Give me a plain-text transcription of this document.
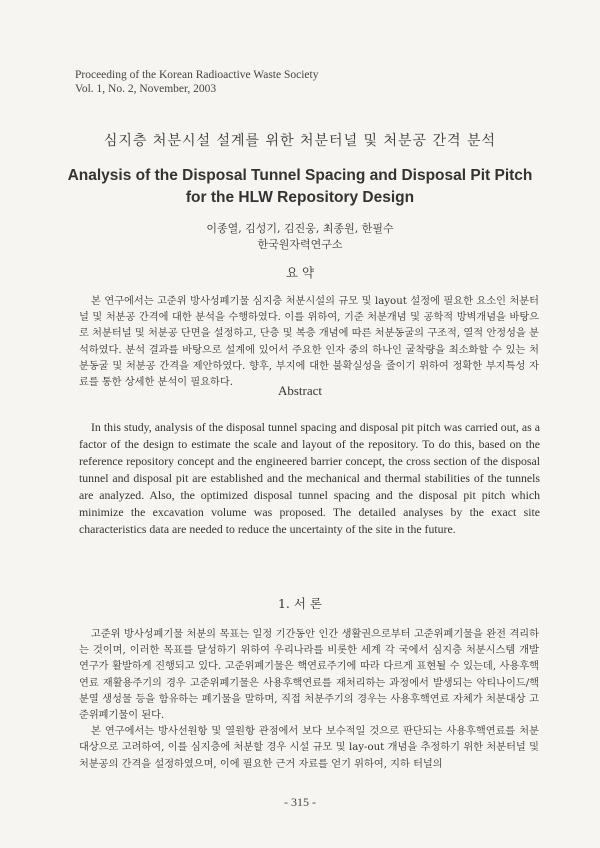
Proceeding of the Korean Radioactive Waste Society
Vol. 1, No. 2, November, 2003
심지층 처분시설 설계를 위한 처분터널 및 처분공 간격 분석
Analysis of the Disposal Tunnel Spacing and Disposal Pit Pitch
for the HLW Repository Design
이종열, 김성기, 김진웅, 최종원, 한필수
한국원자력연구소
요 약

본 연구에서는 고준위 방사성폐기물 심지층 처분시설의 규모 및 layout 설정에 필요한 요소인 처분터널 및 처분공 간격에 대한 분석을 수행하였다. 이를 위하여, 기준 처분개념 및 공학적 방벽개념을 바탕으로 처분터널 및 처분공 단면을 설정하고, 단층 및 복층 개념에 따른 처분동굴의 구조적, 열적 안정성을 분석하였다. 분석 결과를 바탕으로 설계에 있어서 주요한 인자 중의 하나인 굴착량을 최소화할 수 있는 처분동굴 및 처분공 간격을 제안하였다. 향후, 부지에 대한 불확실성을 줄이기 위하여 정확한 부지특성 자료를 통한 상세한 분석이 필요하다.

Abstract

In this study, analysis of the disposal tunnel spacing and disposal pit pitch was carried out, as a factor of the design to estimate the scale and layout of the repository. To do this, based on the reference repository concept and the engineered barrier concept, the cross section of the disposal tunnel and disposal pit are established and the mechanical and thermal stabilities of the tunnels are analyzed. Also, the optimized disposal tunnel spacing and the disposal pit pitch which minimize the excavation volume was proposed. The detailed analyses by the exact site characteristics data are needed to reduce the uncertainty of the site in the future.

1. 서 론

고준위 방사성폐기물 처분의 목표는 일정 기간동안 인간 생활권으로부터 고준위폐기물을 완전 격리하는 것이며, 이러한 목표를 달성하기 위하여 우리나라를 비롯한 세계 각 국에서 심지층 처분시스템 개발 연구가 활발하게 진행되고 있다. 고준위폐기물은 핵연료주기에 따라 다르게 표현될 수 있는데, 사용후핵연료 재활용주기의 경우 고준위폐기물은 사용후핵연료를 재처리하는 과정에서 발생되는 악티나이드/핵분열 생성물 등을 함유하는 폐기물을 말하며, 직접 처분주기의 경우는 사용후핵연료 자체가 처분대상 고준위폐기물이 된다.

본 연구에서는 방사선원항 및 열원항 관점에서 보다 보수적일 것으로 판단되는 사용후핵연료를 처분대상으로 고려하여, 이를 심지층에 처분할 경우 시설 규모 및 lay-out 개념을 추정하기 위한 처분터널 및 처분공의 간격을 설정하였으며, 이에 필요한 근거 자료를 얻기 위하여, 지하 터널의

- 315 -
